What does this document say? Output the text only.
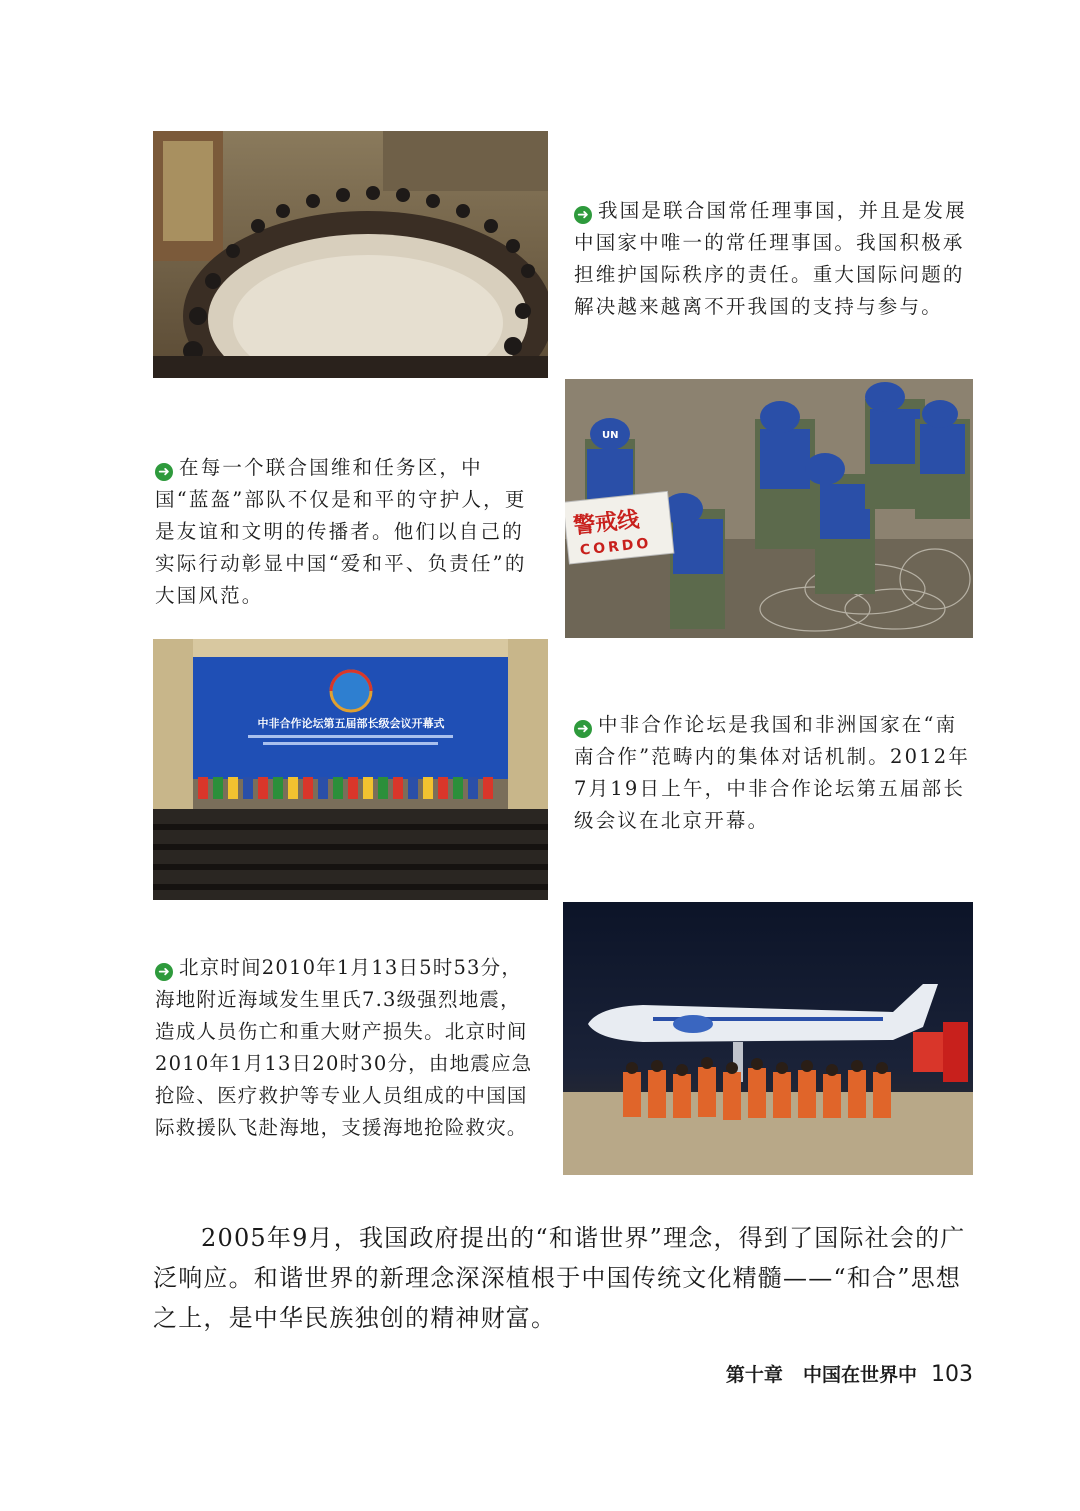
➜ 我国是联合国常任理事国，并且是发展中国家中唯一的常任理事国。我国积极承担维护国际秩序的责任。重大国际问题的解决越来越离不开我国的支持与参与。
警戒线
CORDO
UN
➜ 在每一个联合国维和任务区，中国“蓝盔”部队不仅是和平的守护人，更是友谊和文明的传播者。他们以自己的实际行动彰显中国“爱和平、负责任”的大国风范。
中非合作论坛第五届部长级会议开幕式	➜ 中非合作论坛是我国和非洲国家在“南南合作”范畴内的集体对话机制。2012年7月19日上午，中非合作论坛第五届部长级会议在北京开幕。
➜ 北京时间2010年1月13日5时53分，海地附近海域发生里氏7.3级强烈地震，造成人员伤亡和重大财产损失。北京时间2010年1月13日20时30分，由地震应急抢险、医疗救护等专业人员组成的中国国际救援队飞赴海地，支援海地抢险救灾。

2005年9月，我国政府提出的“和谐世界”理念，得到了国际社会的广泛响应。和谐世界的新理念深深植根于中国传统文化精髓——“和合”思想之上，是中华民族独创的精神财富。

第十章 中国在世界中 103
